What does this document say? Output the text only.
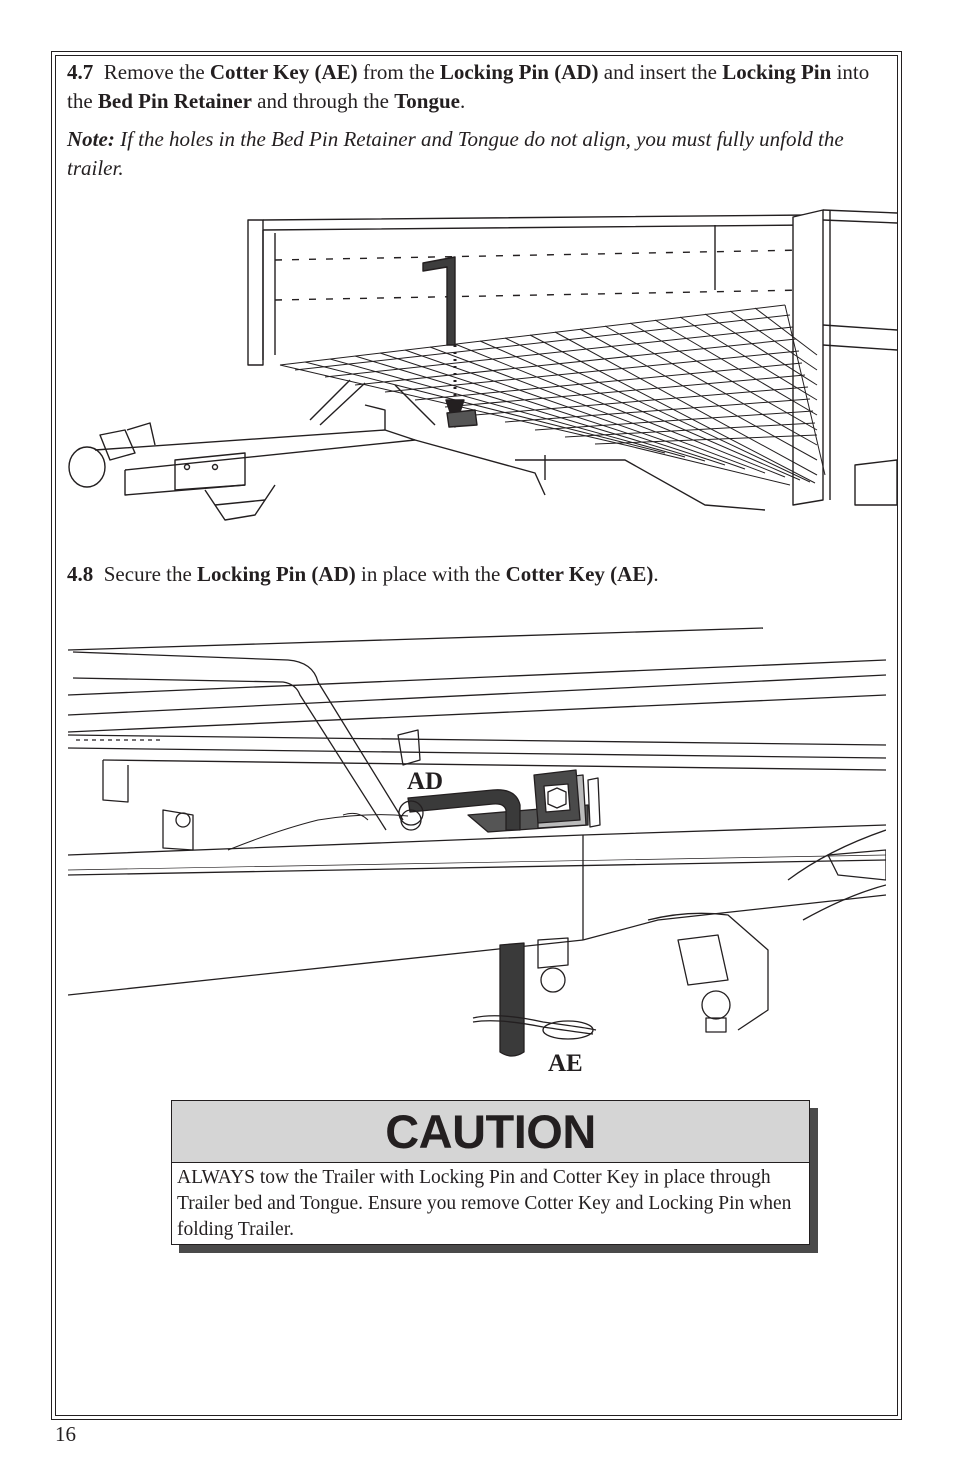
4.7 Remove the Cotter Key (AE) from the Locking Pin (AD) and insert the Locking Pin into the Bed Pin Retainer and through the Tongue.

Note: If the holes in the Bed Pin Retainer and Tongue do not align, you must fully unfold the trailer.

4.8 Secure the Locking Pin (AD) in place with the Cotter Key (AE).

AD
AE
CAUTION
ALWAYS tow the Trailer with Locking Pin and Cotter Key in place through Trailer bed and Tongue. Ensure you remove Cotter Key and Locking Pin when folding Trailer.
16
